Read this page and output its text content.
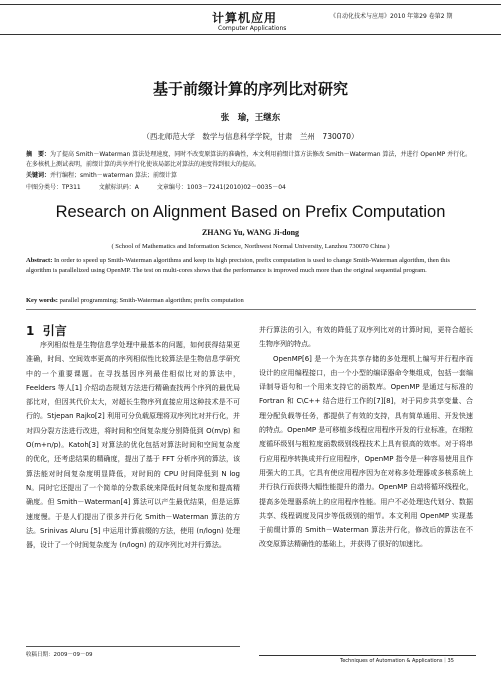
计算机应用
Computer Applications
《自动化技术与应用》2010 年第29 卷第2 期
基于前缀计算的序列比对研究
张　瑜，王继东
（西北师范大学　数学与信息科学学院，甘肃　兰州　730070）
摘　要：为了提高 Smith－Waterman 算法处理速度，同时不改变原算法的准确性，本文利用前缀计算方法修改 Smith－Waterman 算法，并进行 OpenMP 并行化。在多核机上测试表明，前缀计算的共享并行化使该局部比对算法的速度得到很大的提高。
关键词：并行编程；smith－waterman 算法；前缀计算
中图分类号：TP311　　　文献标识码：A　　　文章编号：1003－7241(2010)02－0035－04
Research on Alignment Based on Prefix Computation
ZHANG Yu, WANG Ji-dong
( School of Mathematics and Information Science, Northwest Normal University, Lanzhou 730070 China )
Abstract: In order to speed up Smith-Waterman algorithms and keep its high precision, prefix computation is used to change Smith-Waterman algorithm, then this algorithm is parallelized using OpenMP. The test on multi-cores shows that the performance is improved much more than the original sequential program.
Key words: parallel programming; Smith-Waterman algorithm; prefix computation
1 引言

序列相似性是生物信息学处理中最基本的问题，如何获得结果更准确，时间、空间效率更高的序列相似性比较算法是生物信息学研究中的一个重要课题。在寻找基因序列最佳相似比对的算法中，Feelders 等人[1] 介绍动态规划方法进行精确查找两个序列的最优局部比对，但因其代价太大，对超长生物序列直接应用这种技术是不可行的。Stjepan Rajko[2] 利用可分负载原理将双序列比对并行化，并对四分裂方法进行改进，将时间和空间复杂度分别降低到 O(m/p) 和 O(m+n/p)。Katoh[3] 对算法的优化包括对算法时间和空间复杂度的优化，还考虑结果的精确度，提出了基于 FFT 分析序列的算法，该算法能对时间复杂度明显降低，对时间的 CPU 时间降低到 N log N。同时它还提出了一个简单的分数系统来降低时间复杂度和提高精确度。但 Smith－Waterman[4] 算法可以产生最优结果，但是运算速度慢。于是人们提出了很多并行化 Smith－Waterman 算法的方法。Srinivas Aluru [5] 中运用计算前缀的方法，使用 (n/logn) 处理器，设计了一个时间复杂度为 (n/logn) 的双序列比对并行算法。

并行算法的引入，有效的降低了双序列比对的计算时间，更符合超长生物序列的特点。

OpenMP[6] 是一个为在共享存储的多处理机上编写并行程序而设计的应用编程接口，由一个小型的编译器命令集组成，包括一套编译制导语句和一个用来支持它的函数库。OpenMP 是通过与标准的 Fortran 和 C\C++ 结合进行工作的[7][8]，对于同步共享变量、合理分配负载等任务，都提供了有效的支持，具有简单通用、开发快速的特点。OpenMP 是可移植多线程应用程序开发的行业标准，在细粒度循环级别与粗粒度函数级别线程技术上具有很高的效率。对于将串行应用程序转换成并行应用程序，OpenMP 指令是一种容易使用且作用强大的工具，它具有使应用程序因为在对称多处理器或多核系统上并行执行而获得大幅性能提升的潜力。OpenMP 自动将循环线程化，提高多处理器系统上的应用程序性能。用户不必处理迭代划分、数据共享、线程调度及同步等低级别的细节。本文利用 OpenMP 实现基于前缀计算的 Smith－Waterman 算法并行化，修改后的算法在不改变原算法精确性的基础上，并获得了很好的加速比。

收稿日期：2009－09－09
Techniques of Automation & Applications｜35
